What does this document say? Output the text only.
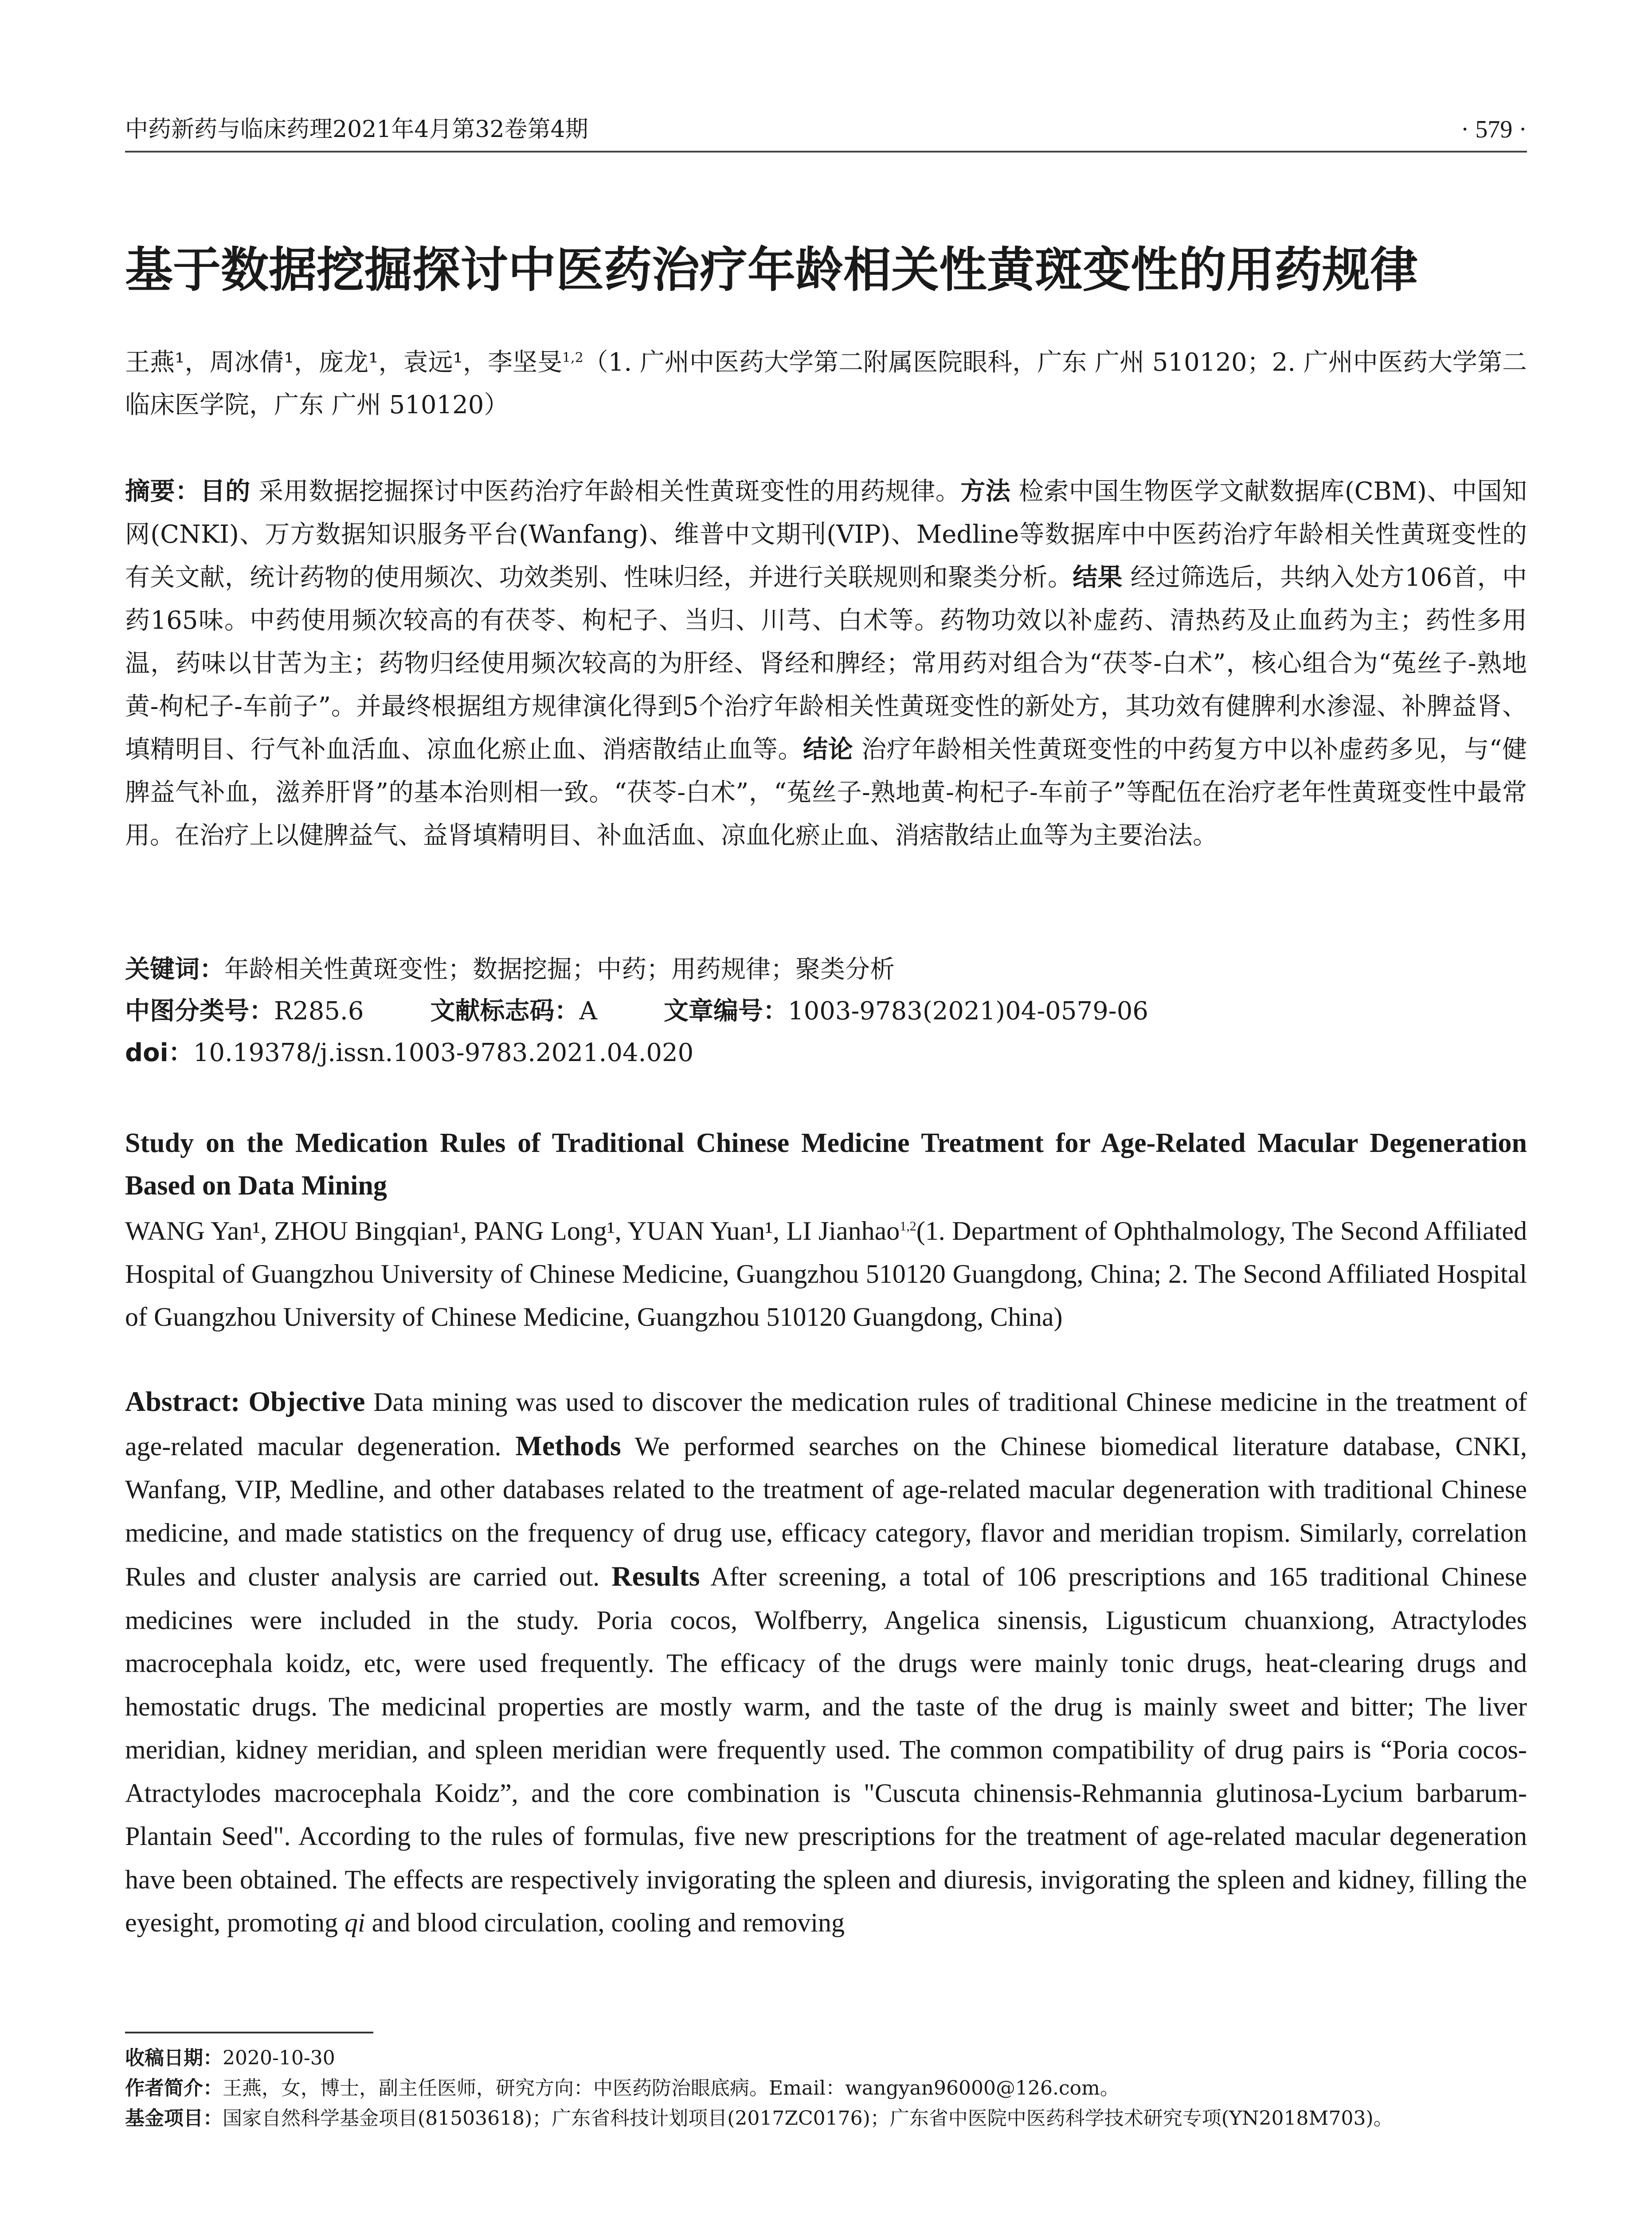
中药新药与临床药理2021年4月第32卷第4期	· 579 ·
基于数据挖掘探讨中医药治疗年龄相关性黄斑变性的用药规律
王燕¹，周冰倩¹，庞龙¹，袁远¹，李坚旻$^{1,2}$（1. 广州中医药大学第二附属医院眼科，广东 广州 510120；2. 广州中医药大学第二临床医学院，广东 广州 510120）
摘要：目的 采用数据挖掘探讨中医药治疗年龄相关性黄斑变性的用药规律。方法 检索中国生物医学文献数据库(CBM)、中国知网(CNKI)、万方数据知识服务平台(Wanfang)、维普中文期刊(VIP)、Medline等数据库中中医药治疗年龄相关性黄斑变性的有关文献，统计药物的使用频次、功效类别、性味归经，并进行关联规则和聚类分析。结果 经过筛选后，共纳入处方106首，中药165味。中药使用频次较高的有茯苓、枸杞子、当归、川芎、白术等。药物功效以补虚药、清热药及止血药为主；药性多用温，药味以甘苦为主；药物归经使用频次较高的为肝经、肾经和脾经；常用药对组合为“茯苓-白术”，核心组合为“菟丝子-熟地黄-枸杞子-车前子”。并最终根据组方规律演化得到5个治疗年龄相关性黄斑变性的新处方，其功效有健脾利水渗湿、补脾益肾、填精明目、行气补血活血、凉血化瘀止血、消痞散结止血等。结论 治疗年龄相关性黄斑变性的中药复方中以补虚药多见，与“健脾益气补血，滋养肝肾”的基本治则相一致。“茯苓-白术”，“菟丝子-熟地黄-枸杞子-车前子”等配伍在治疗老年性黄斑变性中最常用。在治疗上以健脾益气、益肾填精明目、补血活血、凉血化瘀止血、消痞散结止血等为主要治法。
关键词：年龄相关性黄斑变性；数据挖掘；中药；用药规律；聚类分析
中图分类号：R285.6	文献标志码：A	文章编号：1003-9783(2021)04-0579-06
doi：10.19378/j.issn.1003-9783.2021.04.020
Study on the Medication Rules of Traditional Chinese Medicine Treatment for Age-Related Macular Degeneration Based on Data Mining
WANG Yan¹, ZHOU Bingqian¹, PANG Long¹, YUAN Yuan¹, LI Jianhao$^{1,2}$(1. Department of Ophthalmology, The Second Affiliated Hospital of Guangzhou University of Chinese Medicine, Guangzhou 510120 Guangdong, China; 2. The Second Affiliated Hospital of Guangzhou University of Chinese Medicine, Guangzhou 510120 Guangdong, China)
Abstract: Objective Data mining was used to discover the medication rules of traditional Chinese medicine in the treatment of age-related macular degeneration. Methods We performed searches on the Chinese biomedical literature database, CNKI, Wanfang, VIP, Medline, and other databases related to the treatment of age-related macular degeneration with traditional Chinese medicine, and made statistics on the frequency of drug use, efficacy category, flavor and meridian tropism. Similarly, correlation Rules and cluster analysis are carried out. Results After screening, a total of 106 prescriptions and 165 traditional Chinese medicines were included in the study. Poria cocos, Wolfberry, Angelica sinensis, Ligusticum chuanxiong, Atractylodes macrocephala koidz, etc, were used frequently. The efficacy of the drugs were mainly tonic drugs, heat-clearing drugs and hemostatic drugs. The medicinal properties are mostly warm, and the taste of the drug is mainly sweet and bitter; The liver meridian, kidney meridian, and spleen meridian were frequently used. The common compatibility of drug pairs is “Poria cocos-Atractylodes macrocephala Koidz”, and the core combination is "Cuscuta chinensis-Rehmannia glutinosa-Lycium barbarum-Plantain Seed". According to the rules of formulas, five new prescriptions for the treatment of age-related macular degeneration have been obtained. The effects are respectively invigorating the spleen and diuresis, invigorating the spleen and kidney, filling the eyesight, promoting qi and blood circulation, cooling and removing
收稿日期：2020-10-30
作者简介：王燕，女，博士，副主任医师，研究方向：中医药防治眼底病。Email：wangyan96000@126.com。
基金项目：国家自然科学基金项目(81503618)；广东省科技计划项目(2017ZC0176)；广东省中医院中医药科学技术研究专项(YN2018M703)。
